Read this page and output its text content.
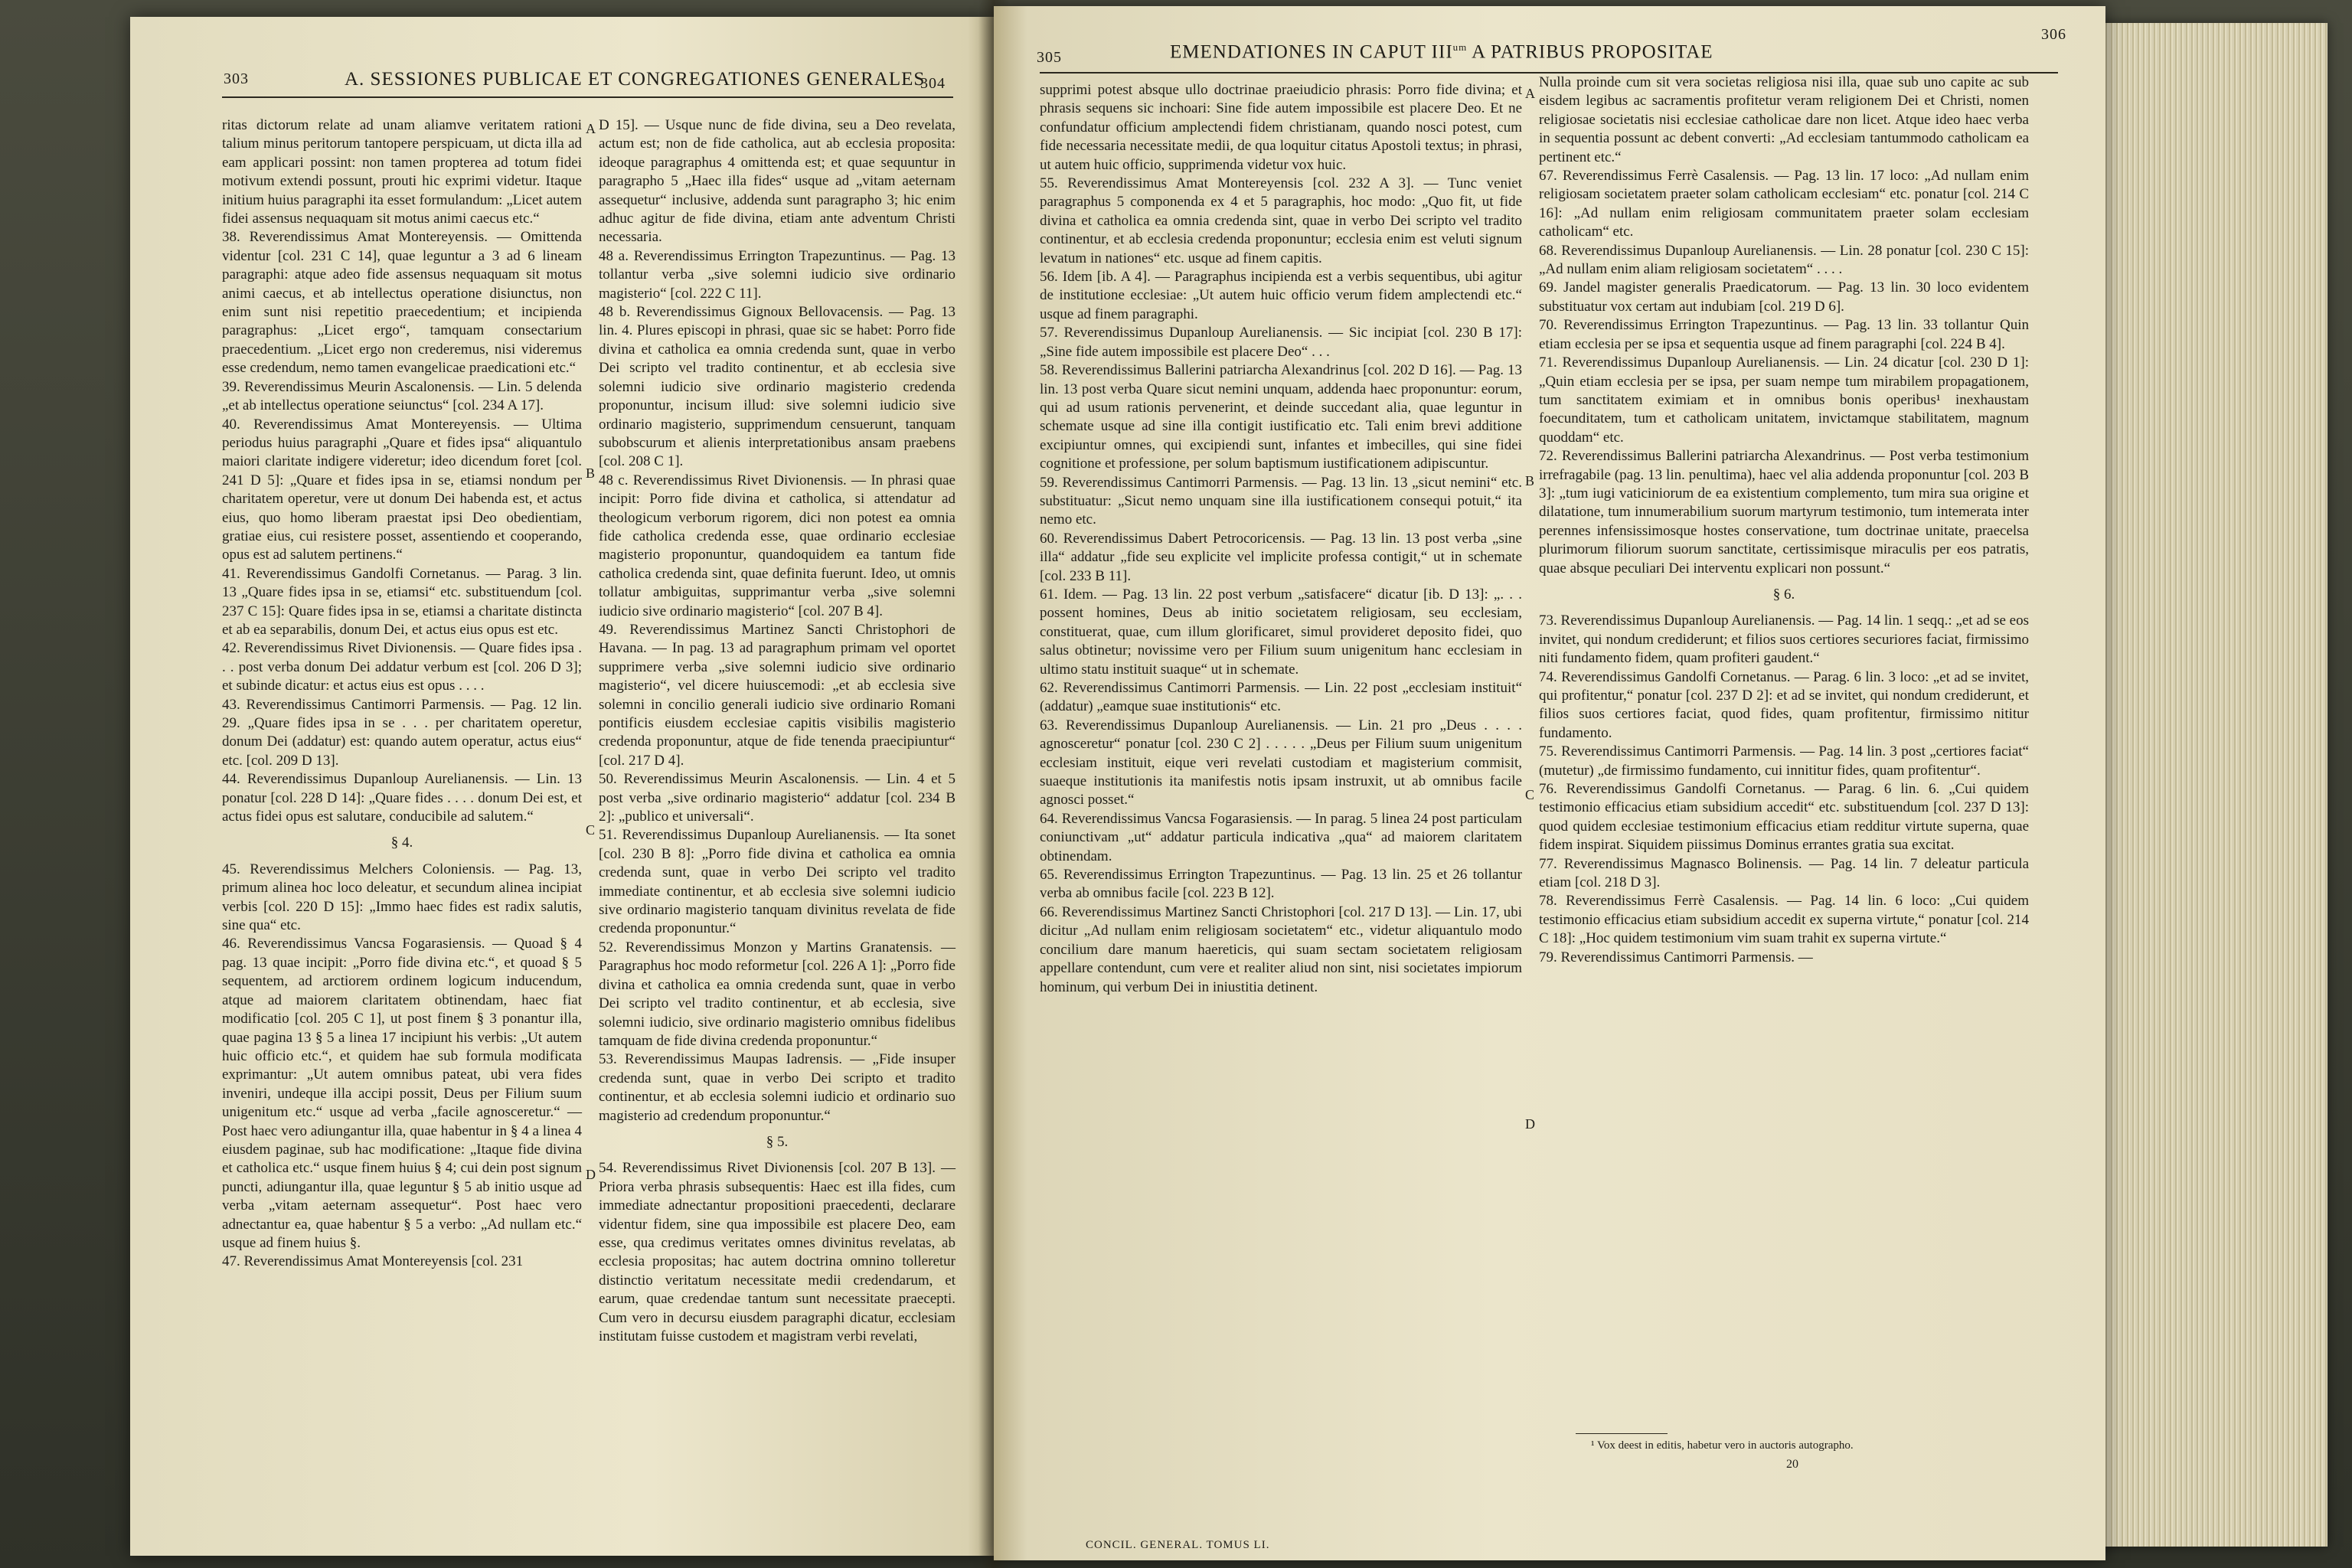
303	A. SESSIONES PUBLICAE ET CONGREGATIONES GENERALES
304

ritas dictorum relate ad unam aliamve veritatem rationi talium minus peritorum tantopere perspicuam, ut dicta illa ad eam applicari possint: non tamen propterea ad totum fidei motivum extendi possunt, prouti hic exprimi videtur. Itaque initium huius paragraphi ita esset formulandum: „Licet autem fidei assensus nequaquam sit motus animi caecus etc.“

38. Reverendissimus Amat Montereyensis. — Omittenda videntur [col. 231 C 14], quae leguntur a 3 ad 6 lineam paragraphi: atque adeo fide assensus nequaquam sit motus animi caecus, et ab intellectus operatione disiunctus, non enim sunt nisi repetitio praecedentium; et incipienda paragraphus: „Licet ergo“, tamquam consectarium praecedentium. „Licet ergo non crederemus, nisi videremus esse credendum, nemo tamen evangelicae praedicationi etc.“

39. Reverendissimus Meurin Ascalonensis. — Lin. 5 delenda „et ab intellectus operatione seiunctus“ [col. 234 A 17].

40. Reverendissimus Amat Montereyensis. — Ultima periodus huius paragraphi „Quare et fides ipsa“ aliquantulo maiori claritate indigere videretur; ideo dicendum foret [col. 241 D 5]: „Quare et fides ipsa in se, etiamsi nondum per charitatem operetur, vere ut donum Dei habenda est, et actus eius, quo homo liberam praestat ipsi Deo obedientiam, gratiae eius, cui resistere posset, assentiendo et cooperando, opus est ad salutem pertinens.“

41. Reverendissimus Gandolfi Cornetanus. — Parag. 3 lin. 13 „Quare fides ipsa in se, etiamsi“ etc. substituendum [col. 237 C 15]: Quare fides ipsa in se, etiamsi a charitate distincta et ab ea separabilis, donum Dei, et actus eius opus est etc.

42. Reverendissimus Rivet Divionensis. — Quare fides ipsa . . . post verba donum Dei addatur verbum est [col. 206 D 3]; et subinde dicatur: et actus eius est opus . . . .

43. Reverendissimus Cantimorri Parmensis. — Pag. 12 lin. 29. „Quare fides ipsa in se . . . per charitatem operetur, donum Dei (addatur) est: quando autem operatur, actus eius“ etc. [col. 209 D 13].

44. Reverendissimus Dupanloup Aurelianensis. — Lin. 13 ponatur [col. 228 D 14]: „Quare fides . . . . donum Dei est, et actus fidei opus est salutare, conducibile ad salutem.“

§ 4.

45. Reverendissimus Melchers Coloniensis. — Pag. 13, primum alinea hoc loco deleatur, et secundum alinea incipiat verbis [col. 220 D 15]: „Immo haec fides est radix salutis, sine qua“ etc.

46. Reverendissimus Vancsa Fogarasiensis. — Quoad § 4 pag. 13 quae incipit: „Porro fide divina etc.“, et quoad § 5 sequentem, ad arctiorem ordinem logicum inducendum, atque ad maiorem claritatem obtinendam, haec fiat modificatio [col. 205 C 1], ut post finem § 3 ponantur illa, quae pagina 13 § 5 a linea 17 incipiunt his verbis: „Ut autem huic officio etc.“, et quidem hae sub formula modificata exprimantur: „Ut autem omnibus pateat, ubi vera fides inveniri, undeque illa accipi possit, Deus per Filium suum unigenitum etc.“ usque ad verba „facile agnosceretur.“ — Post haec vero adiungantur illa, quae habentur in § 4 a linea 4 eiusdem paginae, sub hac modificatione: „Itaque fide divina et catholica etc.“ usque finem huius § 4; cui dein post signum puncti, adiungantur illa, quae leguntur § 5 ab initio usque ad verba „vitam aeternam assequetur“. Post haec vero adnectantur ea, quae habentur § 5 a verbo: „Ad nullam etc.“ usque ad finem huius §.

47. Reverendissimus Amat Montereyensis [col. 231

D 15]. — Usque nunc de fide divina, seu a Deo revelata, actum est; non de fide catholica, aut ab ecclesia proposita: ideoque paragraphus 4 omittenda est; et quae sequuntur in paragrapho 5 „Haec illa fides“ usque ad „vitam aeternam assequetur“ inclusive, addenda sunt paragrapho 3; hic enim adhuc agitur de fide divina, etiam ante adventum Christi necessaria.

48 a. Reverendissimus Errington Trapezuntinus. — Pag. 13 tollantur verba „sive solemni iudicio sive ordinario magisterio“ [col. 222 C 11].

48 b. Reverendissimus Gignoux Bellovacensis. — Pag. 13 lin. 4. Plures episcopi in phrasi, quae sic se habet: Porro fide divina et catholica ea omnia credenda sunt, quae in verbo Dei scripto vel tradito continentur, et ab ecclesia sive solemni iudicio sive ordinario magisterio credenda proponuntur, incisum illud: sive solemni iudicio sive ordinario magisterio, supprimendum censuerunt, tanquam subobscurum et alienis interpretationibus ansam praebens [col. 208 C 1].

48 c. Reverendissimus Rivet Divionensis. — In phrasi quae incipit: Porro fide divina et catholica, si attendatur ad theologicum verborum rigorem, dici non potest ea omnia fide catholica credenda esse, quae ordinario ecclesiae magisterio proponuntur, quandoquidem ea tantum fide catholica credenda sint, quae definita fuerunt. Ideo, ut omnis tollatur ambiguitas, supprimantur verba „sive solemni iudicio sive ordinario magisterio“ [col. 207 B 4].

49. Reverendissimus Martinez Sancti Christophori de Havana. — In pag. 13 ad paragraphum primam vel oportet supprimere verba „sive solemni iudicio sive ordinario magisterio“, vel dicere huiuscemodi: „et ab ecclesia sive solemni in concilio generali iudicio sive ordinario Romani pontificis eiusdem ecclesiae capitis visibilis magisterio credenda proponuntur, atque de fide tenenda praecipiuntur“ [col. 217 D 4].

50. Reverendissimus Meurin Ascalonensis. — Lin. 4 et 5 post verba „sive ordinario magisterio“ addatur [col. 234 B 2]: „publico et universali“.

51. Reverendissimus Dupanloup Aurelianensis. — Ita sonet [col. 230 B 8]: „Porro fide divina et catholica ea omnia credenda sunt, quae in verbo Dei scripto vel tradito immediate continentur, et ab ecclesia sive solemni iudicio sive ordinario magisterio tanquam divinitus revelata de fide credenda proponuntur.“

52. Reverendissimus Monzon y Martins Granatensis. — Paragraphus hoc modo reformetur [col. 226 A 1]: „Porro fide divina et catholica ea omnia credenda sunt, quae in verbo Dei scripto vel tradito continentur, et ab ecclesia, sive solemni iudicio, sive ordinario magisterio omnibus fidelibus tamquam de fide divina credenda proponuntur.“

53. Reverendissimus Maupas Iadrensis. — „Fide insuper credenda sunt, quae in verbo Dei scripto et tradito continentur, et ab ecclesia solemni iudicio et ordinario suo magisterio ad credendum proponuntur.“

§ 5.

54. Reverendissimus Rivet Divionensis [col. 207 B 13]. — Priora verba phrasis subsequentis: Haec est illa fides, cum immediate adnectantur propositioni praecedenti, declarare videntur fidem, sine qua impossibile est placere Deo, eam esse, qua credimus veritates omnes divinitus revelatas, ab ecclesia propositas; hac autem doctrina omnino tolleretur distinctio veritatum necessitate medii credendarum, et earum, quae credendae tantum sunt necessitate praecepti. Cum vero in decursu eiusdem paragraphi dicatur, ecclesiam institutam fuisse custodem et magistram verbi revelati,

A
B
C
D
305	EMENDATIONES IN CAPUT $III^{um}$ A PATRIBUS PROPOSITAE
306

supprimi potest absque ullo doctrinae praeiudicio phrasis: Porro fide divina; et phrasis sequens sic inchoari: Sine fide autem impossibile est placere Deo. Et ne confundatur officium amplectendi fidem christianam, quando nosci potest, cum fide necessaria necessitate medii, de qua loquitur citatus Apostoli textus; in phrasi, ut autem huic officio, supprimenda videtur vox huic.

55. Reverendissimus Amat Montereyensis [col. 232 A 3]. — Tunc veniet paragraphus 5 componenda ex 4 et 5 paragraphis, hoc modo: „Quo fit, ut fide divina et catholica ea omnia credenda sint, quae in verbo Dei scripto vel tradito continentur, et ab ecclesia credenda proponuntur; ecclesia enim est veluti signum levatum in nationes“ etc. usque ad finem capitis.

56. Idem [ib. A 4]. — Paragraphus incipienda est a verbis sequentibus, ubi agitur de institutione ecclesiae: „Ut autem huic officio verum fidem amplectendi etc.“ usque ad finem paragraphi.

57. Reverendissimus Dupanloup Aurelianensis. — Sic incipiat [col. 230 B 17]: „Sine fide autem impossibile est placere Deo“ . . .

58. Reverendissimus Ballerini patriarcha Alexandrinus [col. 202 D 16]. — Pag. 13 lin. 13 post verba Quare sicut nemini unquam, addenda haec proponuntur: eorum, qui ad usum rationis pervenerint, et deinde succedant alia, quae leguntur in schemate usque ad sine illa contigit iustificatio etc. Tali enim brevi additione excipiuntur omnes, qui excipiendi sunt, infantes et imbecilles, qui sine fidei cognitione et professione, per solum baptismum iustificationem adipiscuntur.

59. Reverendissimus Cantimorri Parmensis. — Pag. 13 lin. 13 „sicut nemini“ etc. substituatur: „Sicut nemo unquam sine illa iustificationem consequi potuit,“ ita nemo etc.

60. Reverendissimus Dabert Petrocoricensis. — Pag. 13 lin. 13 post verba „sine illa“ addatur „fide seu explicite vel implicite professa contigit,“ ut in schemate [col. 233 B 11].

61. Idem. — Pag. 13 lin. 22 post verbum „satisfacere“ dicatur [ib. D 13]: „. . . possent homines, Deus ab initio societatem religiosam, seu ecclesiam, constituerat, quae, cum illum glorificaret, simul provideret deposito fidei, quo salus obtinetur; novissime vero per Filium suum unigenitum hanc ecclesiam in ultimo statu instituit suaque“ ut in schemate.

62. Reverendissimus Cantimorri Parmensis. — Lin. 22 post „ecclesiam instituit“ (addatur) „eamque suae institutionis“ etc.

63. Reverendissimus Dupanloup Aurelianensis. — Lin. 21 pro „Deus . . . . agnosceretur“ ponatur [col. 230 C 2] . . . . . „Deus per Filium suum unigenitum ecclesiam instituit, eique veri revelati custodiam et magisterium commisit, suaeque institutionis ita manifestis notis ipsam instruxit, ut ab omnibus facile agnosci posset.“

64. Reverendissimus Vancsa Fogarasiensis. — In parag. 5 linea 24 post particulam coniunctivam „ut“ addatur particula indicativa „qua“ ad maiorem claritatem obtinendam.

65. Reverendissimus Errington Trapezuntinus. — Pag. 13 lin. 25 et 26 tollantur verba ab omnibus facile [col. 223 B 12].

66. Reverendissimus Martinez Sancti Christophori [col. 217 D 13]. — Lin. 17, ubi dicitur „Ad nullam enim religiosam societatem“ etc., videtur aliquantulo modo concilium dare manum haereticis, qui suam sectam societatem religiosam appellare contendunt, cum vere et realiter aliud non sint, nisi societates impiorum hominum, qui verbum Dei in iniustitia detinent.

Nulla proinde cum sit vera societas religiosa nisi illa, quae sub uno capite ac sub eisdem legibus ac sacramentis profitetur veram religionem Dei et Christi, nomen religiosae societatis nisi ecclesiae catholicae dare non licet. Atque ideo haec verba in sequentia possunt ac debent converti: „Ad ecclesiam tantummodo catholicam ea pertinent etc.“

67. Reverendissimus Ferrè Casalensis. — Pag. 13 lin. 17 loco: „Ad nullam enim religiosam societatem praeter solam catholicam ecclesiam“ etc. ponatur [col. 214 C 16]: „Ad nullam enim religiosam communitatem praeter solam ecclesiam catholicam“ etc.

68. Reverendissimus Dupanloup Aurelianensis. — Lin. 28 ponatur [col. 230 C 15]: „Ad nullam enim aliam religiosam societatem“ . . . .

69. Jandel magister generalis Praedicatorum. — Pag. 13 lin. 30 loco evidentem substituatur vox certam aut indubiam [col. 219 D 6].

70. Reverendissimus Errington Trapezuntinus. — Pag. 13 lin. 33 tollantur Quin etiam ecclesia per se ipsa et sequentia usque ad finem paragraphi [col. 224 B 4].

71. Reverendissimus Dupanloup Aurelianensis. — Lin. 24 dicatur [col. 230 D 1]: „Quin etiam ecclesia per se ipsa, per suam nempe tum mirabilem propagationem, tum sanctitatem eximiam et in omnibus bonis operibus¹ inexhaustam foecunditatem, tum et catholicam unitatem, invictamque stabilitatem, magnum quoddam“ etc.

72. Reverendissimus Ballerini patriarcha Alexandrinus. — Post verba testimonium irrefragabile (pag. 13 lin. penultima), haec vel alia addenda proponuntur [col. 203 B 3]: „tum iugi vaticiniorum de ea existentium complemento, tum mira sua origine et dilatatione, tum innumerabilium suorum martyrum testimonio, tum intemerata inter perennes infensissimosque hostes conservatione, tum doctrinae unitate, praecelsa plurimorum filiorum suorum sanctitate, certissimisque miraculis per eos patratis, quae absque peculiari Dei interventu explicari non possunt.“

§ 6.

73. Reverendissimus Dupanloup Aurelianensis. — Pag. 14 lin. 1 seqq.: „et ad se eos invitet, qui nondum crediderunt; et filios suos certiores securiores faciat, firmissimo niti fundamento fidem, quam profiteri gaudent.“

74. Reverendissimus Gandolfi Cornetanus. — Parag. 6 lin. 3 loco: „et ad se invitet, qui profitentur,“ ponatur [col. 237 D 2]: et ad se invitet, qui nondum crediderunt, et filios suos certiores faciat, quod fides, quam profitentur, firmissimo nititur fundamento.

75. Reverendissimus Cantimorri Parmensis. — Pag. 14 lin. 3 post „certiores faciat“ (mutetur) „de firmissimo fundamento, cui innititur fides, quam profitentur“.

76. Reverendissimus Gandolfi Cornetanus. — Parag. 6 lin. 6. „Cui quidem testimonio efficacius etiam subsidium accedit“ etc. substituendum [col. 237 D 13]: quod quidem ecclesiae testimonium efficacius etiam redditur virtute superna, quae fidem inspirat. Siquidem piissimus Dominus errantes gratia sua excitat.

77. Reverendissimus Magnasco Bolinensis. — Pag. 14 lin. 7 deleatur particula etiam [col. 218 D 3].

78. Reverendissimus Ferrè Casalensis. — Pag. 14 lin. 6 loco: „Cui quidem testimonio efficacius etiam subsidium accedit ex superna virtute,“ ponatur [col. 214 C 18]: „Hoc quidem testimonium vim suam trahit ex superna virtute.“

79. Reverendissimus Cantimorri Parmensis. —

A
B
C
D
¹ Vox deest in editis, habetur vero in auctoris autographo.
CONCIL. GENERAL. TOMUS LI.
20
